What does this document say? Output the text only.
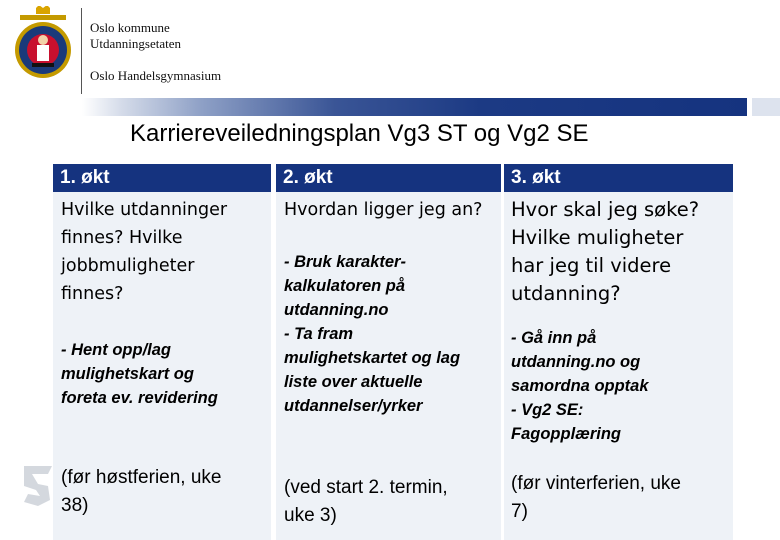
Oslo kommune
Utdanningsetaten
Oslo Handelsgymnasium
Karriereveiledningsplan Vg3 ST og Vg2 SE
1. økt	2. økt	3. økt
Hvilke utdanninger
finnes? Hvilke
jobbmuligheter
finnes?
- Hent opp/lag
mulighetskart og
foreta ev. revidering
(før høstferien, uke
38)
Hvordan ligger jeg an?
- Bruk karakter-
kalkulatoren på
utdanning.no
- Ta fram
mulighetskartet og lag
liste over aktuelle
utdannelser/yrker
(ved start 2. termin,
uke 3)
Hvor skal jeg søke?
Hvilke muligheter
har jeg til videre
utdanning?
- Gå inn på
utdanning.no og
samordna opptak
- Vg2 SE:
Fagopplæring
(før vinterferien, uke
7)
